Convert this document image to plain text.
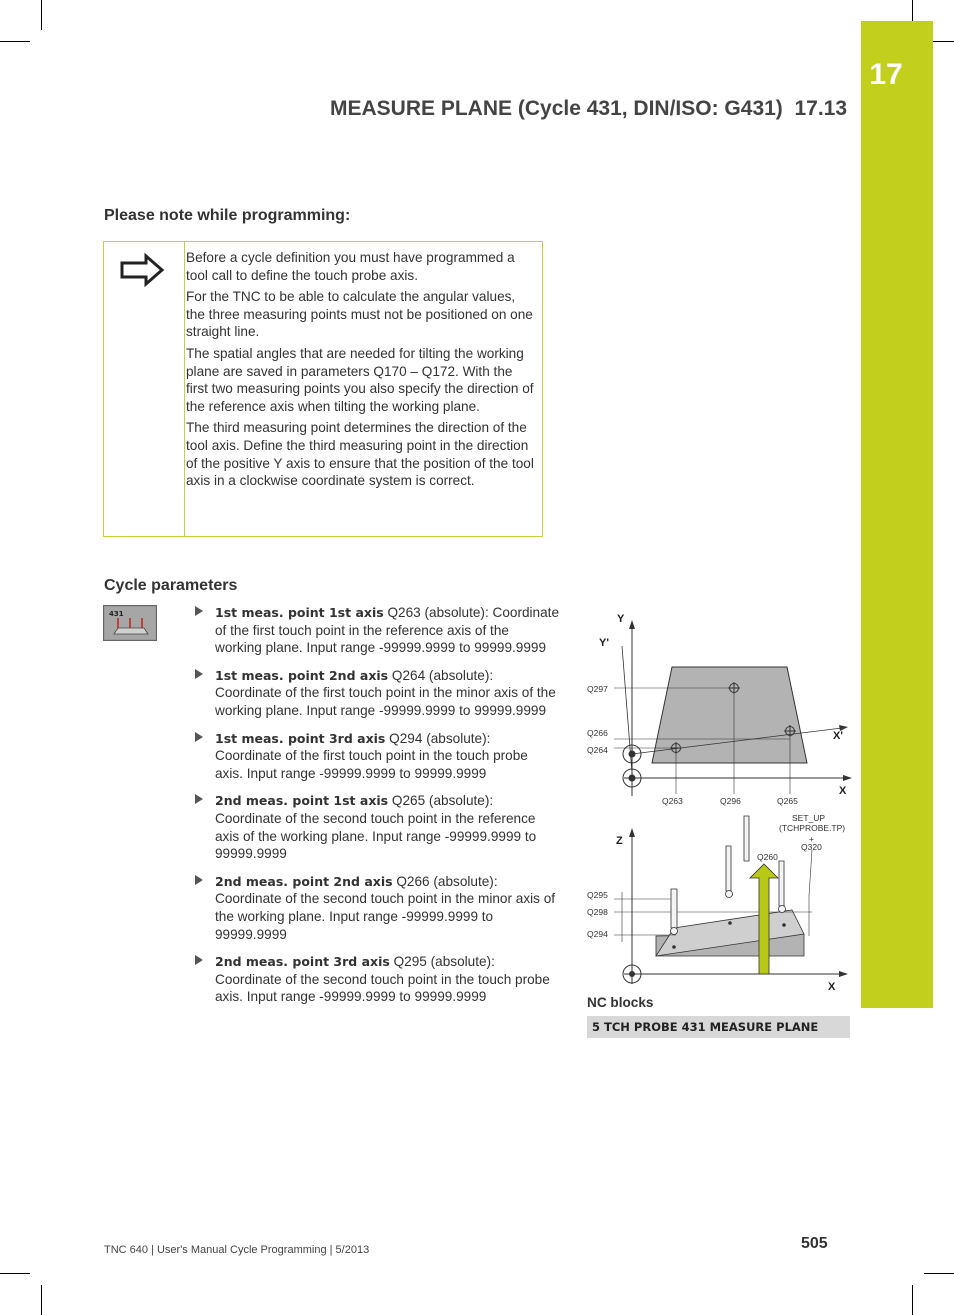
17
MEASURE PLANE (Cycle 431, DIN/ISO: G431) 17.13
Please note while programming:

Before a cycle definition you must have programmed a tool call to define the touch probe axis.

For the TNC to be able to calculate the angular values, the three measuring points must not be positioned on one straight line.

The spatial angles that are needed for tilting the working plane are saved in parameters Q170 – Q172. With the first two measuring points you also specify the direction of the reference axis when tilting the working plane.

The third measuring point determines the direction of the tool axis. Define the third measuring point in the direction of the positive Y axis to ensure that the position of the tool axis in a clockwise coordinate system is correct.

Cycle parameters
431	1st meas. point 1st axis Q263 (absolute): Coordinate of the first touch point in the reference axis of the working plane. Input range -99999.9999 to 99999.9999
1st meas. point 2nd axis Q264 (absolute): Coordinate of the first touch point in the minor axis of the working plane. Input range -99999.9999 to 99999.9999
1st meas. point 3rd axis Q294 (absolute): Coordinate of the first touch point in the touch probe axis. Input range -99999.9999 to 99999.9999
2nd meas. point 1st axis Q265 (absolute): Coordinate of the second touch point in the reference axis of the working plane. Input range -99999.9999 to 99999.9999
2nd meas. point 2nd axis Q266 (absolute): Coordinate of the second touch point in the minor axis of the working plane. Input range -99999.9999 to 99999.9999
2nd meas. point 3rd axis Q295 (absolute): Coordinate of the second touch point in the touch probe axis. Input range -99999.9999 to 99999.9999
Y
Y'
X'
X
Q297
Q266
Q264
Q263	Q296	Q265
Z
X
SET_UP
(TCHPROBE.TP)
+
Q320
Q260
Q295
Q298
Q294
NC blocks
5 TCH PROBE 431 MEASURE PLANE
TNC 640 | User's Manual Cycle Programming | 5/2013	505
